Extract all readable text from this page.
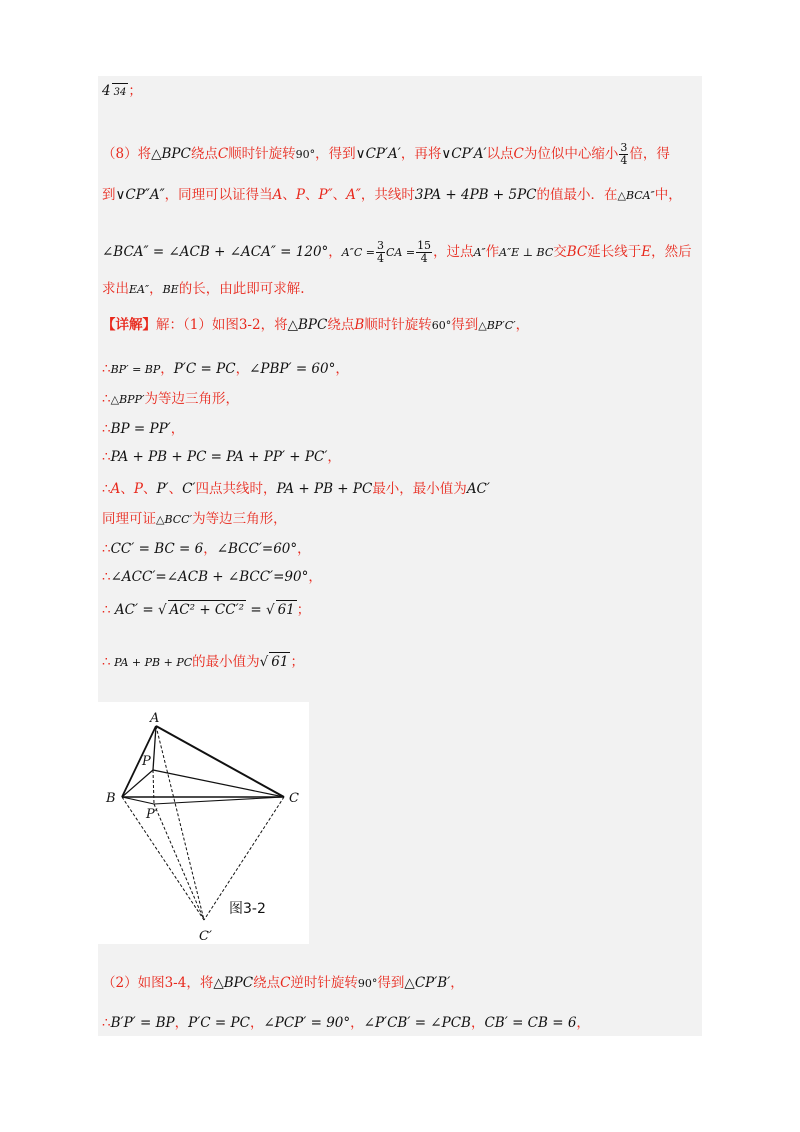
4 34 ；
（8）将△BPC绕点C顺时针旋转90°，得到∨CP′A′，再将∨CP′A′以点C为位似中心缩小 $\frac{3}{4}$ 倍，得
到∨CP″A″，同理可以证得当A、P、P″、A″，共线时3PA + 4PB + 5PC的值最小．在△BCA″中，
∠BCA″ = ∠ACB + ∠ACA″ = 120°，$A''C = \frac{3}{4}$ CA = $\frac{15}{4}$ ，过点A″作A″E ⊥ BC交BC延长线于E，然后
求出EA″，BE的长，由此即可求解.
【详解】解：（1）如图3-2，将△BPC绕点B顺时针旋转60°得到△BP′C′，
∴BP′ = BP，P′C = PC，∠PBP′ = 60°，
∴△BPP′为等边三角形，
∴BP = PP′，
∴PA + PB + PC = PA + PP′ + PC′，
∴A、P、P′、C′四点共线时，PA + PB + PC最小，最小值为AC′
同理可证△BCC′为等边三角形，
∴CC′ = BC = 6，∠BCC′=60°，
∴∠ACC′=∠ACB + ∠BCC′=90°，
∴ AC′ = √ AC² + CC′² = √ 61 ；
∴ PA + PB + PC的最小值为√ 61 ；
A
B	C
P
P′
C′
图3-2
（2）如图3-4，将△BPC绕点C逆时针旋转90°得到△CP′B′，
∴B′P′ = BP，P′C = PC，∠PCP′ = 90°，∠P′CB′ = ∠PCB，CB′ = CB = 6，
